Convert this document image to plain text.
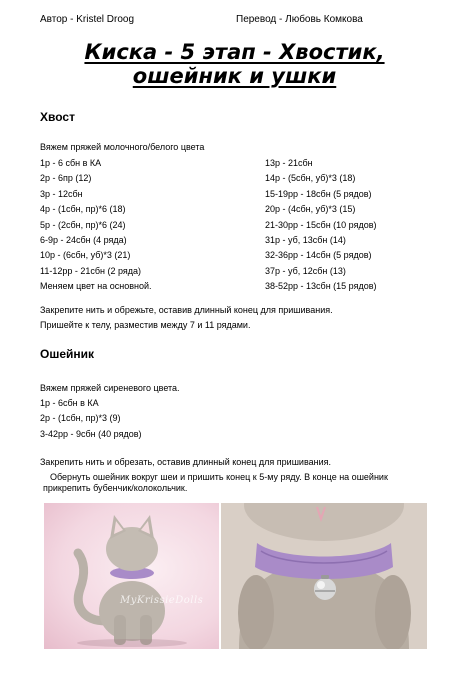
Автор - Kristel Droog	Перевод - Любовь Комкова
Киска - 5 этап - Хвостик,
ошейник и ушки
Хвост
Вяжем пряжей молочного/белого цвета
1р - 6 сбн в КА
2р - 6пр (12)
3р - 12сбн
4р - (1сбн, пр)*6 (18)
5р - (2сбн, пр)*6 (24)
6-9р - 24сбн (4 ряда)
10р - (6сбн, уб)*3 (21)
11-12рр - 21сбн (2 ряда)
Меняем цвет на основной.
13р - 21сбн
14р - (5сбн, уб)*3 (18)
15-19рр - 18сбн (5 рядов)
20р - (4сбн, уб)*3 (15)
21-30рр - 15сбн (10 рядов)
31р - уб, 13сбн (14)
32-36рр - 14сбн (5 рядов)
37р - уб, 12сбн (13)
38-52рр - 13сбн (15 рядов)
Закрепите нить и обрежьте, оставив длинный конец для пришивания.
Пришейте к телу, разместив между 7 и 11 рядами.
Ошейник
Вяжем пряжей сиреневого цвета.
1р - 6сбн в КА
2р - (1сбн, пр)*3 (9)
3-42рр - 9сбн (40 рядов)
Закрепить нить и обрезать, оставив длинный конец для пришивания.
Обернуть ошейник вокруг шеи и пришить конец к 5-му ряду. В конце на ошейник
прикрепить бубенчик/колокольчик.
MyKrissieDolls
